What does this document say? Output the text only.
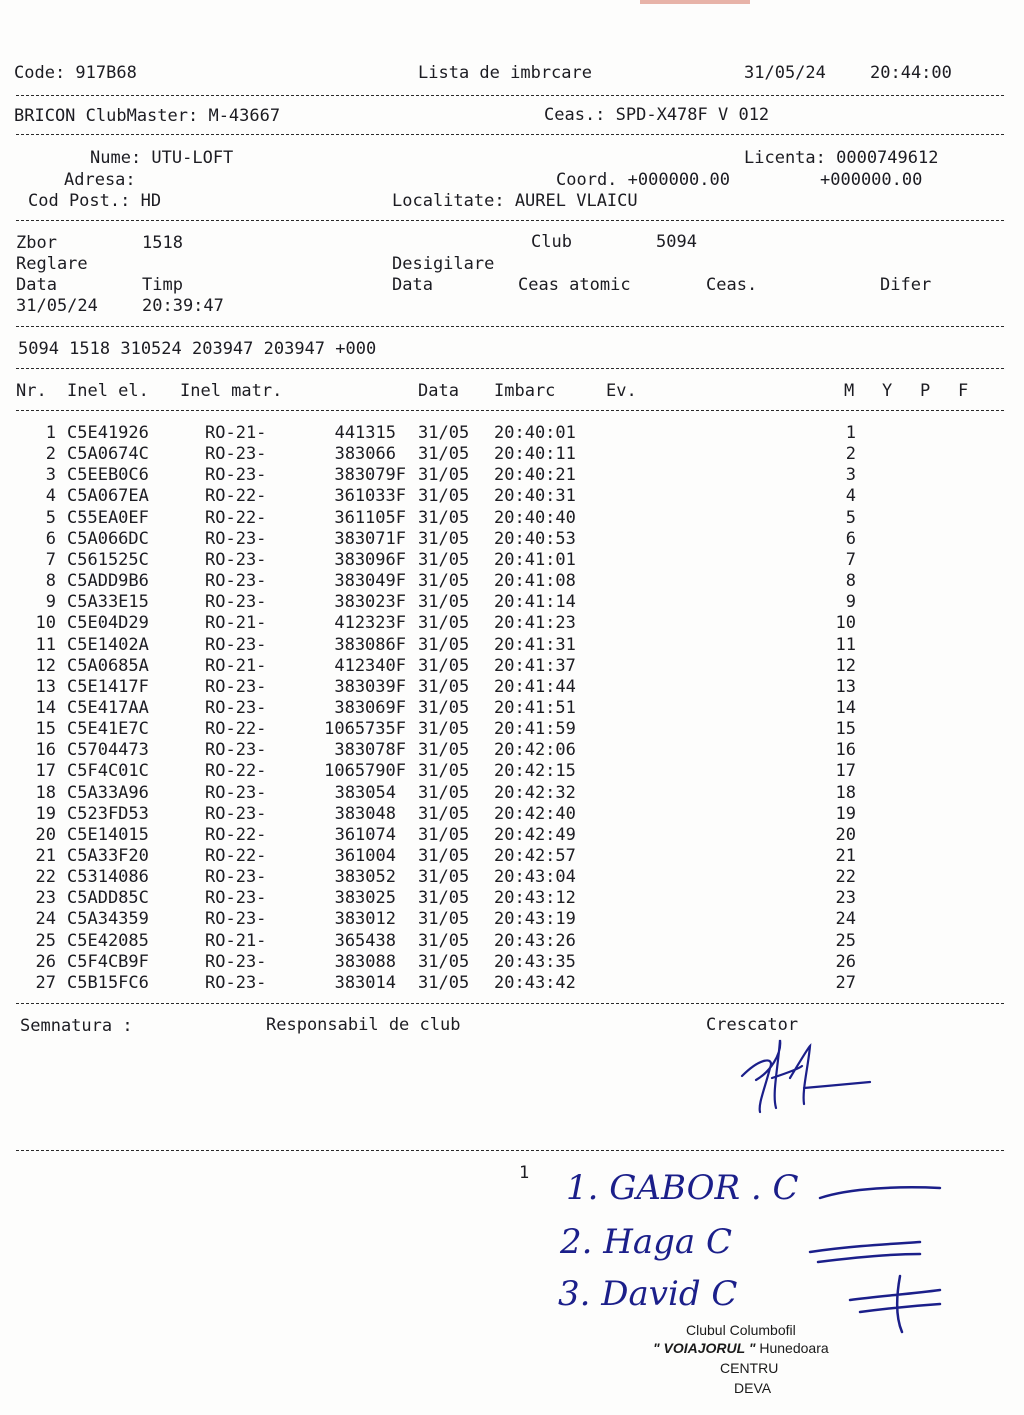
Code: 917B68	Lista de imbrcare	31/05/24	20:44:00
BRICON ClubMaster: M-43667	Ceas.: SPD-X478F V 012
Nume: UTU-LOFT	Licenta: 0000749612
Adresa:	Coord. +000000.00	+000000.00
Cod Post.: HD	Localitate: AUREL VLAICU
Zbor	1518	Club	5094
Reglare	Desigilare
Data	Timp	Data	Ceas atomic	Ceas.	Difer
31/05/24	20:39:47
5094 1518 310524 203947 203947 +000
Nr. Inel el. Inel matr.	Data Imbarc	Ev.	M Y P F
1 C5E41926	RO-21-	441315 31/05 20:40:01	1
2 C5A0674C	RO-23-	383066 31/05 20:40:11	2
3 C5EEB0C6	RO-23-	383079F 31/05 20:40:21	3
4 C5A067EA	RO-22-	361033F 31/05 20:40:31	4
5 C55EA0EF	RO-22-	361105F 31/05 20:40:40	5
6 C5A066DC	RO-23-	383071F 31/05 20:40:53	6
7 C561525C	RO-23-	383096F 31/05 20:41:01	7
8 C5ADD9B6	RO-23-	383049F 31/05 20:41:08	8
9 C5A33E15	RO-23-	383023F 31/05 20:41:14	9
10 C5E04D29	RO-21-	412323F 31/05 20:41:23	10
11 C5E1402A	RO-23-	383086F 31/05 20:41:31	11
12 C5A0685A	RO-21-	412340F 31/05 20:41:37	12
13 C5E1417F	RO-23-	383039F 31/05 20:41:44	13
14 C5E417AA	RO-23-	383069F 31/05 20:41:51	14
15 C5E41E7C	RO-22-	1065735F 31/05 20:41:59	15
16 C5704473	RO-23-	383078F 31/05 20:42:06	16
17 C5F4C01C	RO-22-	1065790F 31/05 20:42:15	17
18 C5A33A96	RO-23-	383054 31/05 20:42:32	18
19 C523FD53	RO-23-	383048 31/05 20:42:40	19
20 C5E14015	RO-22-	361074 31/05 20:42:49	20
21 C5A33F20	RO-22-	361004 31/05 20:42:57	21
22 C5314086	RO-23-	383052 31/05 20:43:04	22
23 C5ADD85C	RO-23-	383025 31/05 20:43:12	23
24 C5A34359	RO-23-	383012 31/05 20:43:19	24
25 C5E42085	RO-21-	365438 31/05 20:43:26	25
26 C5F4CB9F	RO-23-	383088 31/05 20:43:35	26
27 C5B15FC6	RO-23-	383014 31/05 20:43:42	27
Semnatura :	Responsabil de club	Crescator
1 1. GABOR . C
2. Haga C
3. David C
Clubul Columbofil
" VOIAJORUL " Hunedoara
CENTRU
DEVA
